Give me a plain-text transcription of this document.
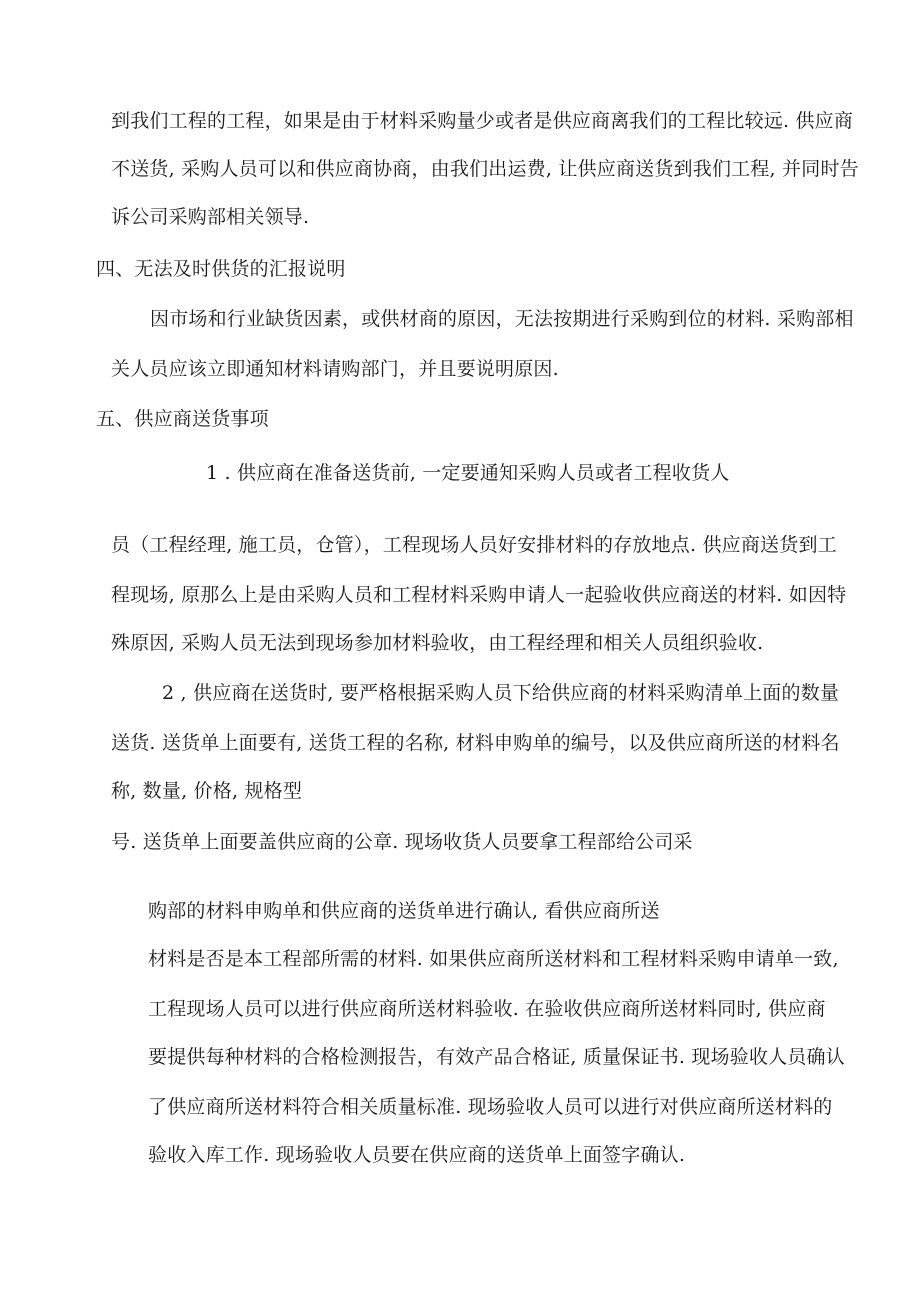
到我们工程的工程，如果是由于材料采购量少或者是供应商离我们的工程比较远. 供应商
不送货, 采购人员可以和供应商协商，由我们出运费, 让供应商送货到我们工程, 并同时告
诉公司采购部相关领导.
四、无法及时供货的汇报说明
因市场和行业缺货因素，或供材商的原因，无法按期进行采购到位的材料. 采购部相
关人员应该立即通知材料请购部门，并且要说明原因.
五、供应商送货事项
1 . 供应商在准备送货前, 一定要通知采购人员或者工程收货人
员（工程经理, 施工员，仓管），工程现场人员好安排材料的存放地点. 供应商送货到工
程现场, 原那么上是由采购人员和工程材料采购申请人一起验收供应商送的材料. 如因特
殊原因, 采购人员无法到现场参加材料验收，由工程经理和相关人员组织验收.
2 , 供应商在送货时, 要严格根据采购人员下给供应商的材料采购清单上面的数量
送货. 送货单上面要有, 送货工程的名称, 材料申购单的编号，以及供应商所送的材料名
称, 数量, 价格, 规格型
号. 送货单上面要盖供应商的公章. 现场收货人员要拿工程部给公司采
购部的材料申购单和供应商的送货单进行确认, 看供应商所送
材料是否是本工程部所需的材料. 如果供应商所送材料和工程材料采购申请单一致,
工程现场人员可以进行供应商所送材料验收. 在验收供应商所送材料同时, 供应商
要提供每种材料的合格检测报告，有效产品合格证, 质量保证书. 现场验收人员确认
了供应商所送材料符合相关质量标准. 现场验收人员可以进行对供应商所送材料的
验收入库工作. 现场验收人员要在供应商的送货单上面签字确认.
